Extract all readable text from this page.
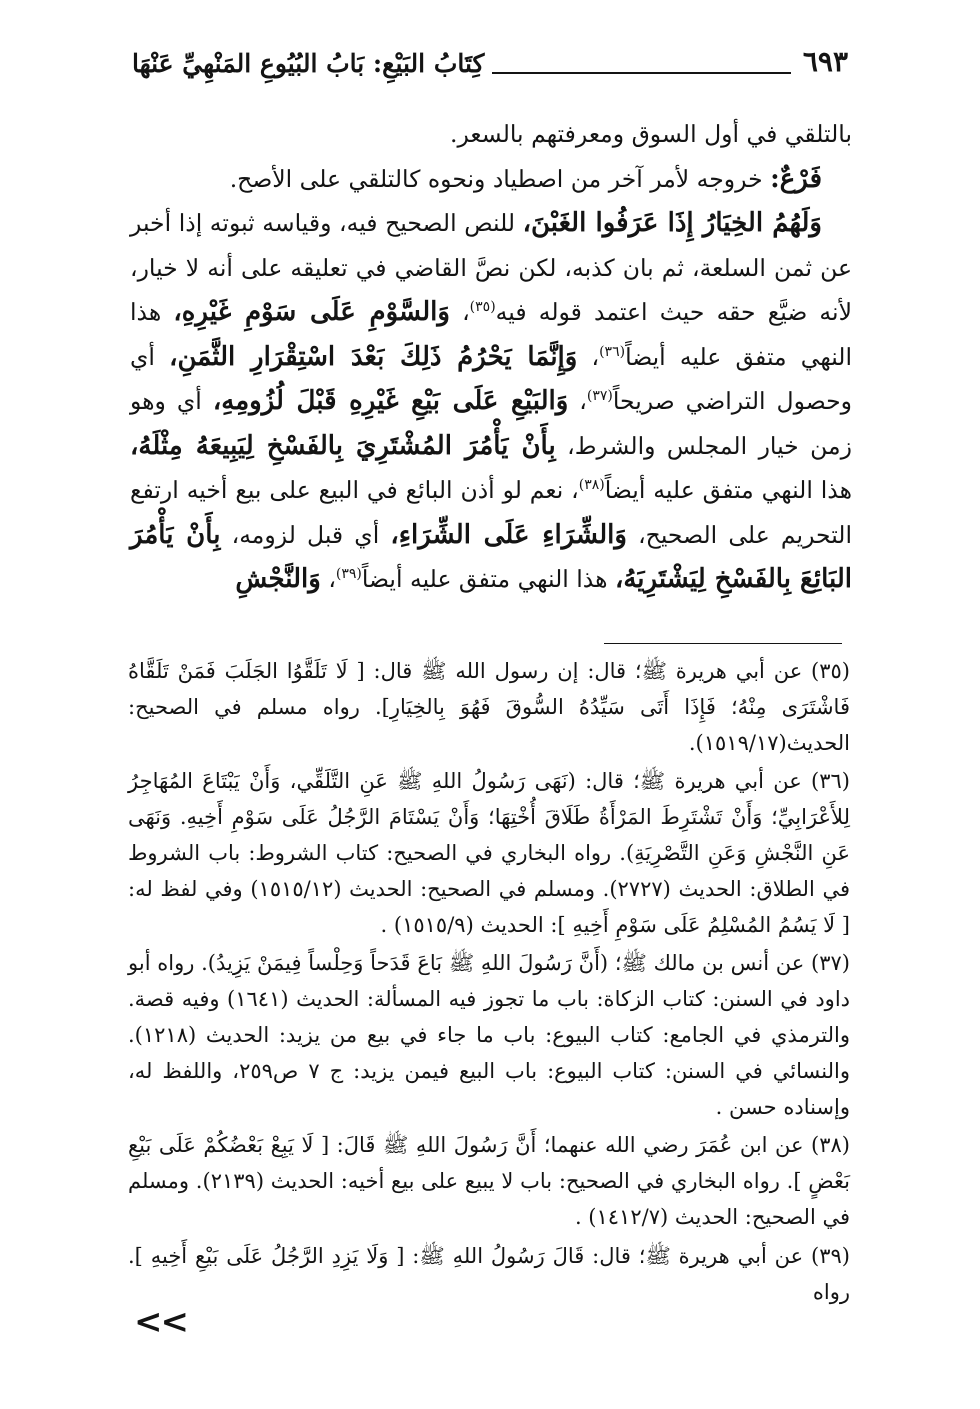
٦٩٣
كِتَابُ البَيْعِ: بَابُ البُيُوعِ المَنْهِيِّ عَنْهَا

بالتلقي في أول السوق ومعرفتهم بالسعر.

فَرْعٌ: خروجه لأمر آخر من اصطياد ونحوه كالتلقي على الأصح.

وَلَهُمُ الخِيَارُ إِذَا عَرَفُوا الغَبْنَ، للنص الصحيح فيه، وقياسه ثبوته إذا أخبر عن ثمن السلعة، ثم بان كذبه، لكن نصَّ القاضي في تعليقه على أنه لا خيار، لأنه ضيَّع حقه حيث اعتمد قوله فيه$^{(٣٥)}$، وَالسَّوْمِ عَلَى سَوْمِ غَيْرِهِ، هذا النهي متفق عليه أيضاً$^{(٣٦)}$، وَإِنَّمَا يَحْرُمُ ذَلِكَ بَعْدَ اسْتِقْرَارِ الثَّمَنِ، أي وحصول التراضي صريحاً$^{(٣٧)}$، وَالبَيْعِ عَلَى بَيْعِ غَيْرِهِ قَبْلَ لُزُومِهِ، أي وهو زمن خيار المجلس والشرط، بِأَنْ يَأْمُرَ المُشْتَرِيَ بِالفَسْخِ لِيَبِيعَهُ مِثْلَهُ، هذا النهي متفق عليه أيضاً$^{(٣٨)}$، نعم لو أذن البائع في البيع على بيع أخيه ارتفع التحريم على الصحيح، وَالشِّرَاءِ عَلَى الشِّرَاءِ، أي قبل لزومه، بِأَنْ يَأْمُرَ البَائِعَ بِالفَسْخِ لِيَشْتَرِيَهُ، هذا النهي متفق عليه أيضاً$^{(٣٩)}$، وَالنَّجْشِ

(٣٥) عن أبي هريرة ﷺ؛ قال: إن رسول الله ﷺ قال: [ لَا تَلَقَّوُا الجَلَبَ فَمَنْ تَلَقَّاهُ فَاشْتَرَى مِنْهُ؛ فَإِذَا أَتَى سَيِّدُهُ السُّوقَ فَهُوَ بِالخِيَارِ]. رواه مسلم في الصحيح: الحديث(١٥١٩/١٧).

(٣٦) عن أبي هريرة ﷺ؛ قال: (نَهَى رَسُولُ اللهِ ﷺ عَنِ التَّلَقِّي، وَأَنْ يَبْتَاعَ المُهَاجِرُ لِلأَعْرَابِيِّ؛ وَأَنْ تَشْتَرِطَ المَرْأَةُ طَلَاقَ أُخْتِهَا؛ وَأَنْ يَسْتَامَ الرَّجُلُ عَلَى سَوْمِ أَخِيهِ. وَنَهَى عَنِ النَّجْشِ وَعَنِ التَّصْرِيَةِ). رواه البخاري في الصحيح: كتاب الشروط: باب الشروط في الطلاق: الحديث (٢٧٢٧). ومسلم في الصحيح: الحديث (١٥١٥/١٢) وفي لفظ له: [ لَا يَسُمُ المُسْلِمُ عَلَى سَوْمِ أَخِيهِ ]: الحديث (١٥١٥/٩) .

(٣٧) عن أنس بن مالك ﷺ؛ (أَنَّ رَسُولَ اللهِ ﷺ بَاعَ قَدَحاً وَحِلْساً فِيمَنْ يَزِيدُ). رواه أبو داود في السنن: كتاب الزكاة: باب ما تجوز فيه المسألة: الحديث (١٦٤١) وفيه قصة. والترمذي في الجامع: كتاب البيوع: باب ما جاء في بيع من يزيد: الحديث (١٢١٨). والنسائي في السنن: كتاب البيوع: باب البيع فيمن يزيد: ج ٧ ص٢٥٩، واللفظ له، وإسناده حسن .

(٣٨) عن ابن عُمَرَ رضي الله عنهما؛ أَنَّ رَسُولَ اللهِ ﷺ قَالَ: [ لَا يَبِعْ بَعْضُكُمْ عَلَى بَيْعِ بَعْضٍ ]. رواه البخاري في الصحيح: باب لا يبيع على بيع أخيه: الحديث (٢١٣٩). ومسلم في الصحيح: الحديث (١٤١٢/٧) .

(٣٩) عن أبي هريرة ﷺ؛ قال: قَالَ رَسُولُ اللهِ ﷺ: [ وَلَا يَزِدِ الرَّجُلُ عَلَى بَيْعِ أَخِيهِ ]. رواه

<<
